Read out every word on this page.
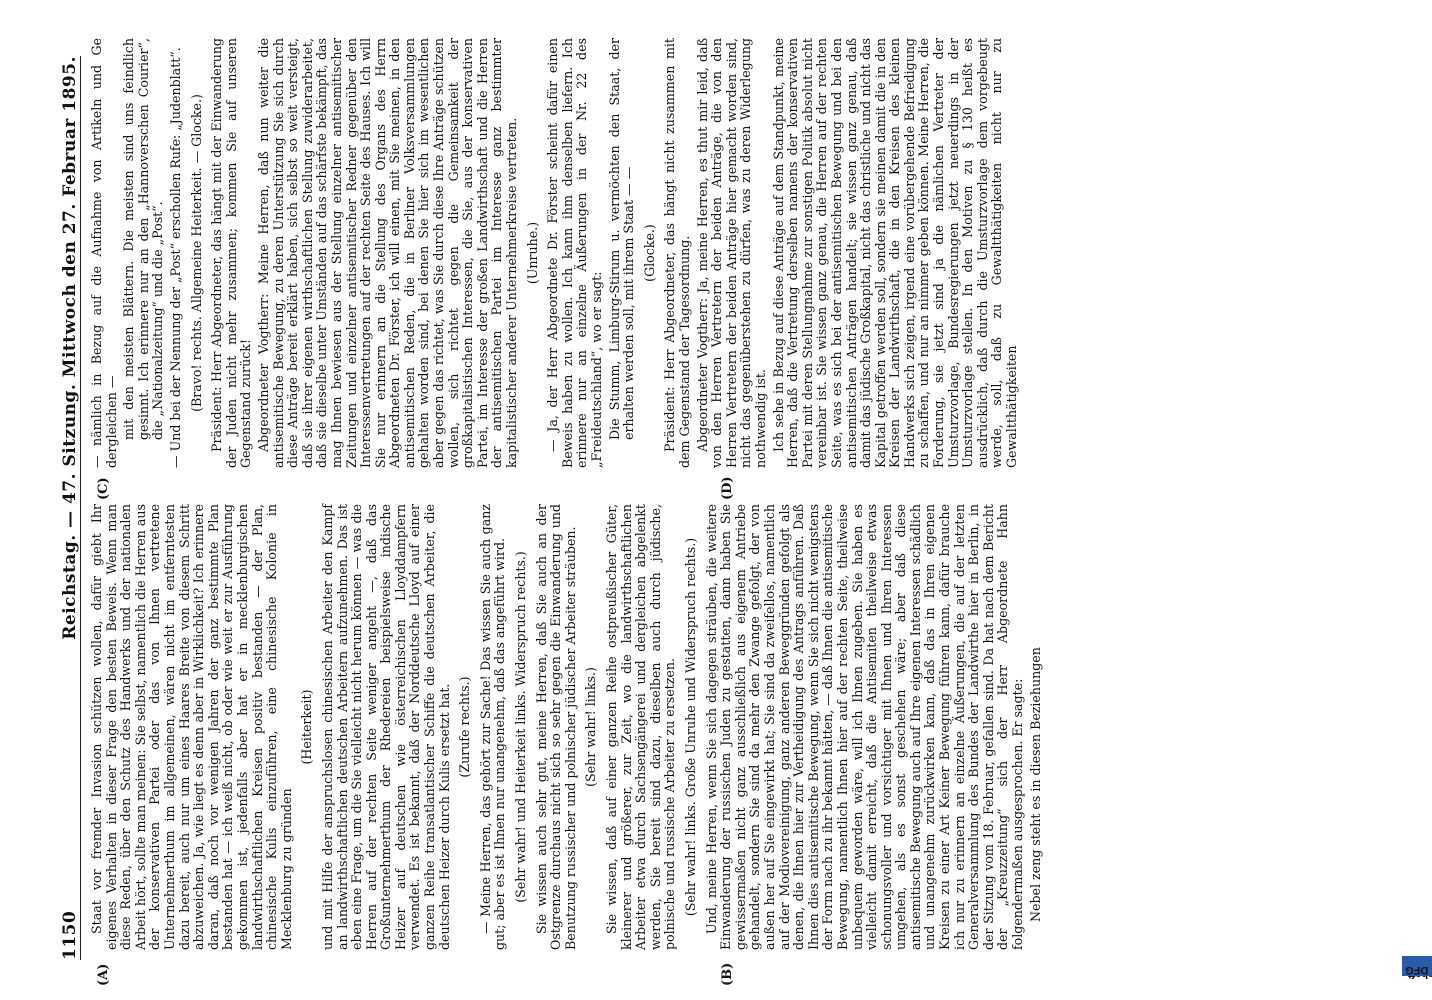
1150
Reichstag. — 47. Sitzung. Mittwoch den 27. Februar 1895.
(A)	(B)
(C)	(D)

Staat vor fremder Invasion schützen wollen, dafür giebt Ihr eigenes Verhalten in dieser Frage den besten Beweis. Wenn man diese Reden, über den Schutz des Handwerks und der nationalen Arbeit hört, sollte man meinen: Sie selbst, namentlich die Herren aus der konservativen Partei oder das von Ihnen vertretene Unternehmerthum im allgemeinen, wären nicht im entferntesten dazu bereit, auch nur um eines Haares Breite von diesem Schritt abzuweichen. Ja, wie liegt es denn aber in Wirklichkeit? Ich erinnere daran, daß noch vor wenigen Jahren der ganz bestimmte Plan bestanden hat — ich weiß nicht, ob oder wie weit er zur Ausführung gekommen ist, jedenfalls aber hat er in mecklenburgischen landwirthschaftlichen Kreisen positiv bestanden — der Plan, chinesische Kulis einzuführen, eine chinesische Kolonie in Mecklenburg zu gründen

(Heiterkeit) und mit Hilfe der anspruchslosen chinesischen Arbeiter den Kampf an landwirthschaftlichen deutschen Arbeitern aufzunehmen. Das ist eben eine Frage, um die Sie vielleicht nicht herum können — was die Herren auf der rechten Seite weniger angeht —, daß das Großunternehmerthum der Rhedereien beispielsweise indische Heizer auf deutschen wie österreichischen Lloyddampfern verwendet. Es ist bekannt, daß der Norddeutsche Lloyd auf einer ganzen Reihe transatlantischer Schiffe die deutschen Arbeiter, die deutschen Heizer durch Kulis ersetzt hat. (Zurufe rechts.) — Meine Herren, das gehört zur Sache! Das wissen Sie auch ganz gut; aber es ist Ihnen nur unangenehm, daß das angeführt wird. (Sehr wahr! und Heiterkeit links. Widerspruch rechts.) Sie wissen auch sehr gut, meine Herren, daß Sie auch an der Ostgrenze durchaus nicht sich so sehr gegen die Einwanderung und Benutzung russischer und polnischer jüdischer Arbeiter sträuben. (Sehr wahr! links.) Sie wissen, daß auf einer ganzen Reihe ostpreußischer Güter, kleinerer und größerer, zur Zeit, wo die landwirthschaftlichen Arbeiter etwa durch Sachsengängerei und dergleichen abgelenkt werden, Sie bereit sind dazu, dieselben auch durch jüdische, polnische und russische Arbeiter zu ersetzen. (Sehr wahr! links. Große Unruhe und Widerspruch rechts.) Und, meine Herren, wenn Sie sich dagegen sträuben, die weitere Einwanderung der russischen Juden zu gestatten, dann haben Sie gewissermaßen nicht ganz ausschließlich aus eigenem Antriebe gehandelt, sondern Sie sind da mehr den Zwange gefolgt, der von außen her auf Sie eingewirkt hat; Sie sind da zweifellos, namentlich auf der Modiovereinigung, ganz anderen Beweggründen gefolgt als denen, die Ihnen hier zur Vertheidigung des Antrags anführen. Daß Ihnen dies antisemitische Bewegung, wenn Sie sich nicht wenigstens der Form nach zu ihr bekannt hätten, — daß Ihnen die antisemitische Bewegung, namentlich Ihnen hier auf der rechten Seite, theilweise unbequem geworden wäre, will ich Ihnen zugeben. Sie haben es vielleicht damit erreicht, daß die Antisemiten theilweise etwas schonungsvoller und vorsichtiger mit Ihnen und Ihren Interessen umgehen, als es sonst geschehen wäre; aber daß diese antisemitische Bewegung auch auf Ihre eigenen Interessen schädlich und unangenehm zurückwirken kann, daß das in Ihren eigenen Kreisen zu einer Art Keiner Bewegung führen kann, dafür brauche ich nur zu erinnern an einzelne Äußerungen, die auf der letzten Generalversammlung des Bundes der Landwirthe hier in Berlin, in der Sitzung vom 18. Februar, gefallen sind. Da hat nach dem Bericht der „Kreuzzeitung“ sich der Herr Abgeordnete Hahn folgendermaßen ausgesprochen. Er sagte: Nebel zeng steht es in diesen Beziehungen

— nämlich in Bezug auf die Aufnahme von Artikeln und Ge dergleichen — mit den meisten Blättern. Die meisten sind uns feindlich gesinnt. Ich erinnere nur an den „Hannoverschen Courier“, die „Nationalzeitung“ und die „Post“. — Und bei der Nennung der „Post“ erschollen Rufe: „Judenblatt“. (Bravo! rechts. Allgemeine Heiterkeit. — Glocke.) Präsident: Herr Abgeordneter, das hängt mit der Einwanderung der Juden nicht mehr zusammen; kommen Sie auf unseren Gegenstand zurück! Abgeordneter Vogtherr: Meine Herren, daß nun weiter die antisemitische Bewegung, zu deren Unterstützung Sie sich durch diese Anträge bereit erklärt haben, sich selbst so weit versteigt, daß sie ihrer eigenen wirthschaftlichen Stellung zuwiderarbeitet, daß sie dieselbe unter Umständen auf das schärfste bekämpft, das mag Ihnen bewiesen aus der Stellung einzelner antisemitischer Zeitungen und einzelner antisemitischer Redner gegenüber den Interessenvertretungen auf der rechten Seite des Hauses. Ich will Sie nur erinnern an die Stellung des Organs des Herrn Abgeordneten Dr. Förster, ich will einen, mit Sie meinen, in den antisemitischen Reden, die in Berliner Volksversammlungen gehalten worden sind, bei denen Sie hier sich im wesentlichen aber gegen das richtet, was Sie durch diese Ihre Anträge schützen wollen, sich richtet gegen die Gemeinsamkeit der großkapitalistischen Interessen, die Sie, aus der konservativen Partei, im Interesse der großen Landwirthschaft und die Herren der antisemitischen Partei im Interesse ganz bestimmter kapitalistischer anderer Unternehmerkreise vertreten. (Unruhe.) — Ja, der Herr Abgeordnete Dr. Förster scheint dafür einen Beweis haben zu wollen. Ich kann ihm denselben liefern. Ich erinnere nur an einzelne Äußerungen in der Nr. 22 des „Freideutschland“, wo er sagt: Die Stumm, Limburg-Stirum u. vermöchten den Staat, der erhalten werden soll, mit ihrem Staat — — (Glocke.) Präsident: Herr Abgeordneter, das hängt nicht zusammen mit dem Gegenstand der Tagesordnung. Abgeordneter Vogtherr: Ja, meine Herren, es thut mir leid, daß von den Herren Vertretern der beiden Anträge, die von den Herren Vertretern der beiden Anträge hier gemacht worden sind, nicht das gegenüberstehen zu dürfen, was zu deren Widerlegung nothwendig ist. Ich sehe in Bezug auf diese Anträge auf dem Standpunkt, meine Herren, daß die Vertretung derselben namens der konservativen Partei mit deren Stellungnahme zur sonstigen Politik absolut nicht vereinbar ist. Sie wissen ganz genau, die Herren auf der rechten Seite, was es sich bei der antisemitischen Bewegung und bei den antisemitischen Anträgen handelt; sie wissen ganz genau, daß damit das jüdische Großkapital, nicht das christliche und nicht das Kapital getroffen werden soll, sondern sie meinen damit die in den Kreisen der Landwirthschaft, die in den Kreisen des kleinen Handwerks sich zeigen, irgend eine vorübergehende Befriedigung zu schaffen, und nur an nimmer geben können. Meine Herren, die Forderung, sie jetzt sind ja die nämlichen Vertreter der Umsturzvorlage, Bundesregierungen jetzt neuerdings in der Umsturzvorlage stellen. In den Motiven zu § 130 heißt es ausdrücklich, daß durch die Umsturzvorlage dem vorgebeugt werde, soll, daß zu Gewaltthätigkeiten nicht nur zu Gewaltthätigkeiten

DFG
